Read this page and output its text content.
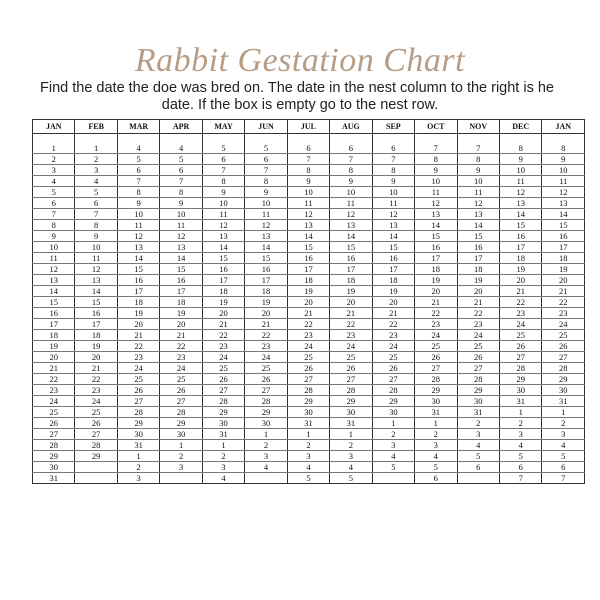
Rabbit Gestation Chart
Find the date the doe was bred on. The date in the nest column to the right is he
date. If the box is empty go to the nest row.
JAN	FEB	MAR	APR	MAY	JUN	JUL	AUG	SEP	OCT	NOV	DEC	JAN

1	1	4	4	5	5	6	6	6	7	7	8	8
2	2	5	5	6	6	7	7	7	8	8	9	9
3	3	6	6	7	7	8	8	8	9	9	10	10
4	4	7	7	8	8	9	9	9	10	10	11	11
5	5	8	8	9	9	10	10	10	11	11	12	12
6	6	9	9	10	10	11	11	11	12	12	13	13
7	7	10	10	11	11	12	12	12	13	13	14	14
8	8	11	11	12	12	13	13	13	14	14	15	15
9	9	12	12	13	13	14	14	14	15	15	16	16
10	10	13	13	14	14	15	15	15	16	16	17	17
11	11	14	14	15	15	16	16	16	17	17	18	18
12	12	15	15	16	16	17	17	17	18	18	19	19
13	13	16	16	17	17	18	18	18	19	19	20	20
14	14	17	17	18	18	19	19	19	20	20	21	21
15	15	18	18	19	19	20	20	20	21	21	22	22
16	16	19	19	20	20	21	21	21	22	22	23	23
17	17	20	20	21	21	22	22	22	23	23	24	24
18	18	21	21	22	22	23	23	23	24	24	25	25
19	19	22	22	23	23	24	24	24	25	25	26	26
20	20	23	23	24	24	25	25	25	26	26	27	27
21	21	24	24	25	25	26	26	26	27	27	28	28
22	22	25	25	26	26	27	27	27	28	28	29	29
23	23	26	26	27	27	28	28	28	29	29	30	30
24	24	27	27	28	28	29	29	29	30	30	31	31
25	25	28	28	29	29	30	30	30	31	31	1	1
26	26	29	29	30	30	31	31	1	1	2	2	2
27	27	30	30	31	1	1	1	2	2	3	3	3
28	28	31	1	1	2	2	2	3	3	4	4	4
29	29	1	2	2	3	3	3	4	4	5	5	5
30		2	3	3	4	4	4	5	5	6	6	6
31		3		4		5	5		6		7	7
